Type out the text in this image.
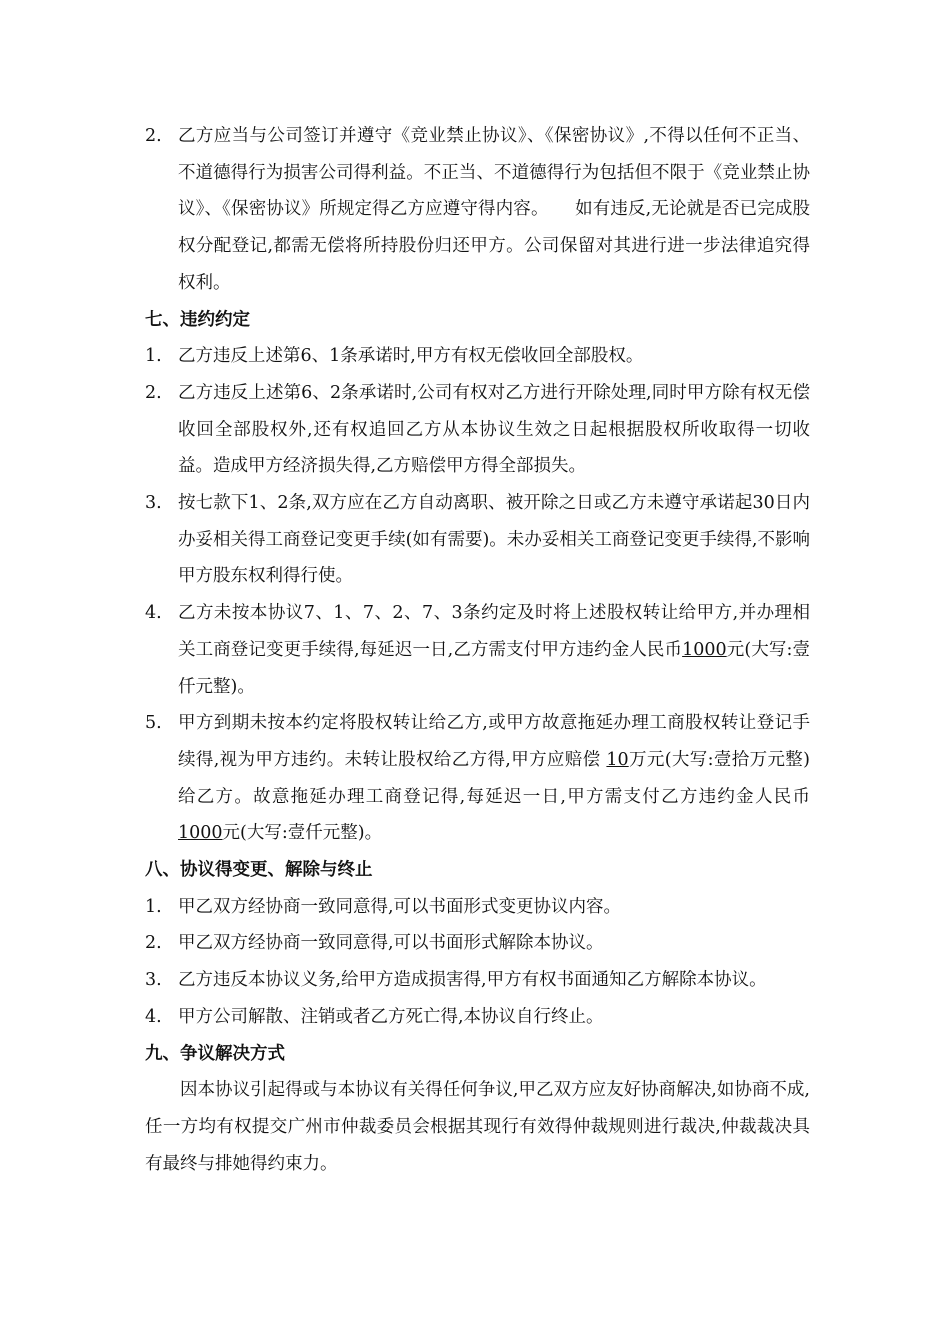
2. 乙方应当与公司签订并遵守《竞业禁止协议》、《保密协议》,不得以任何不正当、不道德得行为损害公司得利益。不正当、不道德得行为包括但不限于《竞业禁止协议》、《保密协议》所规定得乙方应遵守得内容。　　如有违反,无论就是否已完成股权分配登记,都需无偿将所持股份归还甲方。公司保留对其进行进一步法律追究得权利。
七、违约约定
1. 乙方违反上述第6、1条承诺时,甲方有权无偿收回全部股权。
2. 乙方违反上述第6、2条承诺时,公司有权对乙方进行开除处理,同时甲方除有权无偿收回全部股权外,还有权追回乙方从本协议生效之日起根据股权所收取得一切收益。造成甲方经济损失得,乙方赔偿甲方得全部损失。
3. 按七款下1、2条,双方应在乙方自动离职、被开除之日或乙方未遵守承诺起30日内办妥相关得工商登记变更手续(如有需要)。未办妥相关工商登记变更手续得,不影响甲方股东权利得行使。
4. 乙方未按本协议7、1、7、2、7、3条约定及时将上述股权转让给甲方,并办理相关工商登记变更手续得,每延迟一日,乙方需支付甲方违约金人民币1000元(大写:壹仟元整)。
5. 甲方到期未按本约定将股权转让给乙方,或甲方故意拖延办理工商股权转让登记手续得,视为甲方违约。未转让股权给乙方得,甲方应赔偿 10万元(大写:壹拾万元整)给乙方。故意拖延办理工商登记得,每延迟一日,甲方需支付乙方违约金人民币1000元(大写:壹仟元整)。
八、协议得变更、解除与终止
1. 甲乙双方经协商一致同意得,可以书面形式变更协议内容。
2. 甲乙双方经协商一致同意得,可以书面形式解除本协议。
3. 乙方违反本协议义务,给甲方造成损害得,甲方有权书面通知乙方解除本协议。
4. 甲方公司解散、注销或者乙方死亡得,本协议自行终止。
九、争议解决方式
因本协议引起得或与本协议有关得任何争议,甲乙双方应友好协商解决,如协商不成,任一方均有权提交广州市仲裁委员会根据其现行有效得仲裁规则进行裁决,仲裁裁决具有最终与排她得约束力。
